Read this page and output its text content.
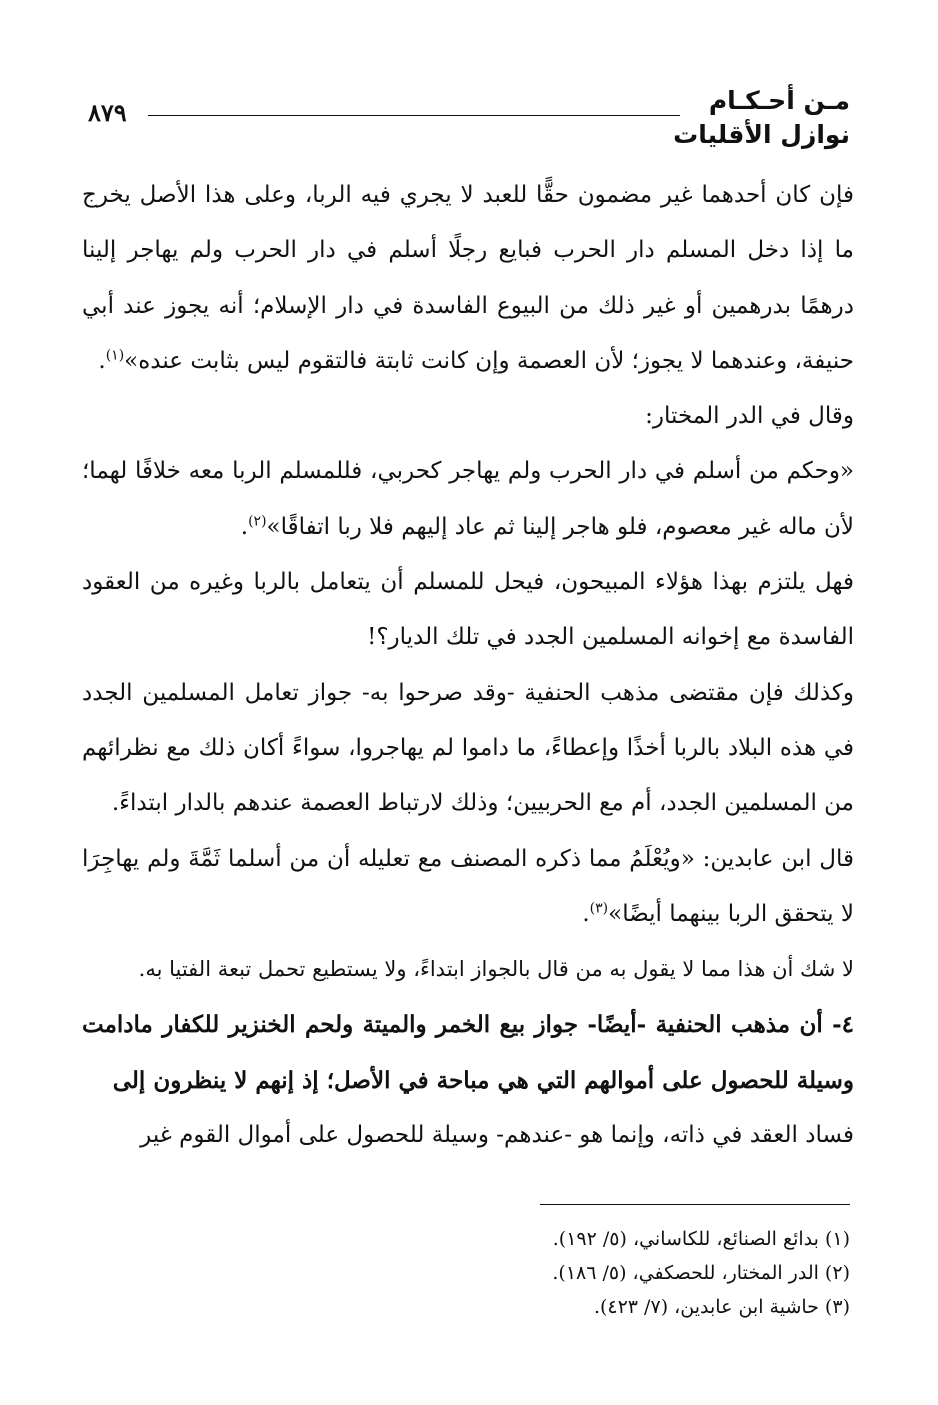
٨٧٩	مـن أحـكـام
نوازل الأقليات

فإن كان أحدهما غير مضمون حقًّا للعبد لا يجري فيه الربا، وعلى هذا الأصل يخرج ما إذا دخل المسلم دار الحرب فبايع رجلًا أسلم في دار الحرب ولم يهاجر إلينا درهمًا بدرهمين أو غير ذلك من البيوع الفاسدة في دار الإسلام؛ أنه يجوز عند أبي حنيفة، وعندهما لا يجوز؛ لأن العصمة وإن كانت ثابتة فالتقوم ليس بثابت عنده»$^{(١)}$.

وقال في الدر المختار:

«وحكم من أسلم في دار الحرب ولم يهاجر كحربي، فللمسلم الربا معه خلافًا لهما؛ لأن ماله غير معصوم، فلو هاجر إلينا ثم عاد إليهم فلا ربا اتفاقًا»$^{(٢)}$.

فهل يلتزم بهذا هؤلاء المبيحون، فيحل للمسلم أن يتعامل بالربا وغيره من العقود الفاسدة مع إخوانه المسلمين الجدد في تلك الديار؟!

وكذلك فإن مقتضى مذهب الحنفية -وقد صرحوا به- جواز تعامل المسلمين الجدد في هذه البلاد بالربا أخذًا وإعطاءً، ما داموا لم يهاجروا، سواءً أكان ذلك مع نظرائهم من المسلمين الجدد، أم مع الحربيين؛ وذلك لارتباط العصمة عندهم بالدار ابتداءً.

قال ابن عابدين: «ويُعْلَمُ مما ذكره المصنف مع تعليله أن من أسلما ثَمَّةَ ولم يهاجِرَا لا يتحقق الربا بينهما أيضًا»$^{(٣)}$.

لا شك أن هذا مما لا يقول به من قال بالجواز ابتداءً، ولا يستطيع تحمل تبعة الفتيا به.

٤- أن مذهب الحنفية -أيضًا- جواز بيع الخمر والميتة ولحم الخنزير للكفار مادامت وسيلة للحصول على أموالهم التي هي مباحة في الأصل؛ إذ إنهم لا ينظرون إلى

فساد العقد في ذاته، وإنما هو -عندهم- وسيلة للحصول على أموال القوم غير

(١) بدائع الصنائع، للكاساني، (٥/ ١٩٢).
(٢) الدر المختار، للحصكفي، (٥/ ١٨٦).
(٣) حاشية ابن عابدين، (٧/ ٤٢٣).
